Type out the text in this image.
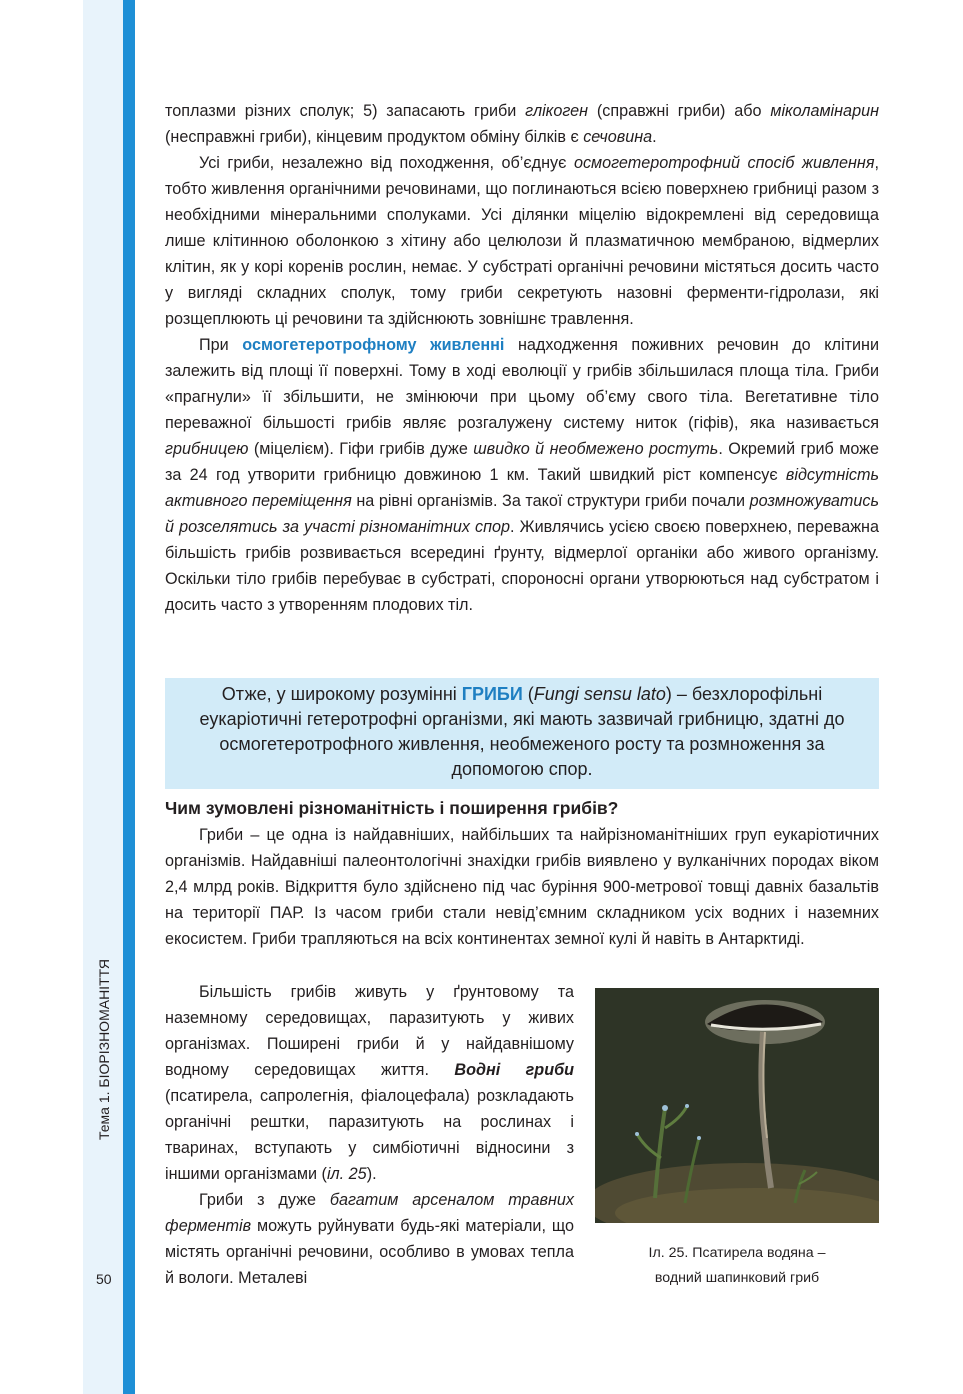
Тема 1. БІОРІЗНОМАНІТТЯ
50

топлазми різних сполук; 5) запасають гриби глікоген (справжні гриби) або міколамінарин (несправжні гриби), кінцевим продуктом обміну білків є сечовина.

Усі гриби, незалежно від походження, об’єднує осмогетеротрофний спосіб живлення, тобто живлення органічними речовинами, що поглинаються всією поверхнею грибниці разом з необхідними мінеральними сполуками. Усі ділянки міцелію відокремлені від середовища лише клітинною оболонкою з хітину або целюлози й плазматичною мембраною, відмерлих клітин, як у корі коренів рослин, немає. У субстраті органічні речовини містяться досить часто у вигляді складних сполук, тому гриби секретують назовні ферменти-гідролази, які розщеплюють ці речовини та здійснюють зовнішнє травлення.

При осмогетеротрофному живленні надходження поживних речовин до клітини залежить від площі її поверхні. Тому в ході еволюції у грибів збільшилася площа тіла. Гриби «прагнули» її збільшити, не змінюючи при цьому об’єму свого тіла. Вегетативне тіло переважної більшості грибів являє розгалужену систему ниток (гіфів), яка називається грибницею (міцелієм). Гіфи грибів дуже швидко й необмежено ростуть. Окремий гриб може за 24 год утворити грибницю довжиною 1 км. Такий швидкий ріст компенсує відсутність активного переміщення на рівні організмів. За такої структури гриби почали розмножуватись й розселятись за участі різноманітних спор. Живлячись усією своєю поверхнею, переважна більшість грибів розвивається всередині ґрунту, відмерлої органіки або живого організму. Оскільки тіло грибів перебуває в субстраті, спороносні органи утворюються над субстратом і досить часто з утворенням плодових тіл.

Отже, у широкому розумінні ГРИБИ (Fungi sensu lato) – безхлорофільні еукаріотичні гетеротрофні організми, які мають зазвичай грибницю, здатні до осмогетеротрофного живлення, необмеженого росту та розмноження за допомогою спор.
Чим зумовлені різноманітність і поширення грибів?

Гриби – це одна із найдавніших, найбільших та найрізноманітніших груп еукаріотичних організмів. Найдавніші палеонтологічні знахідки грибів виявлено у вулканічних породах віком 2,4 млрд років. Відкриття було здійснено під час буріння 900-метрової товщі давніх базальтів на території ПАР. Із часом гриби стали невід’ємним складником усіх водних і наземних екосистем. Гриби трапляються на всіх континентах земної кулі й навіть в Антарктиді.

Більшість грибів живуть у ґрунтовому та наземному середовищах, паразитують у живих організмах. Поширені гриби й у найдавнішому водному середовищах життя. Водні гриби (псатирела, сапролегнія, фіалоцефала) розкладають органічні рештки, паразитують на рослинах і тваринах, вступають у симбіотичні відносини з іншими організмами (іл. 25).

Гриби з дуже багатим арсеналом травних ферментів можуть руйнувати будь-які матеріали, що містять органічні речовини, особливо в умовах тепла й вологи. Металеві

Іл. 25. Псатирела водяна –
водний шапинковий гриб
